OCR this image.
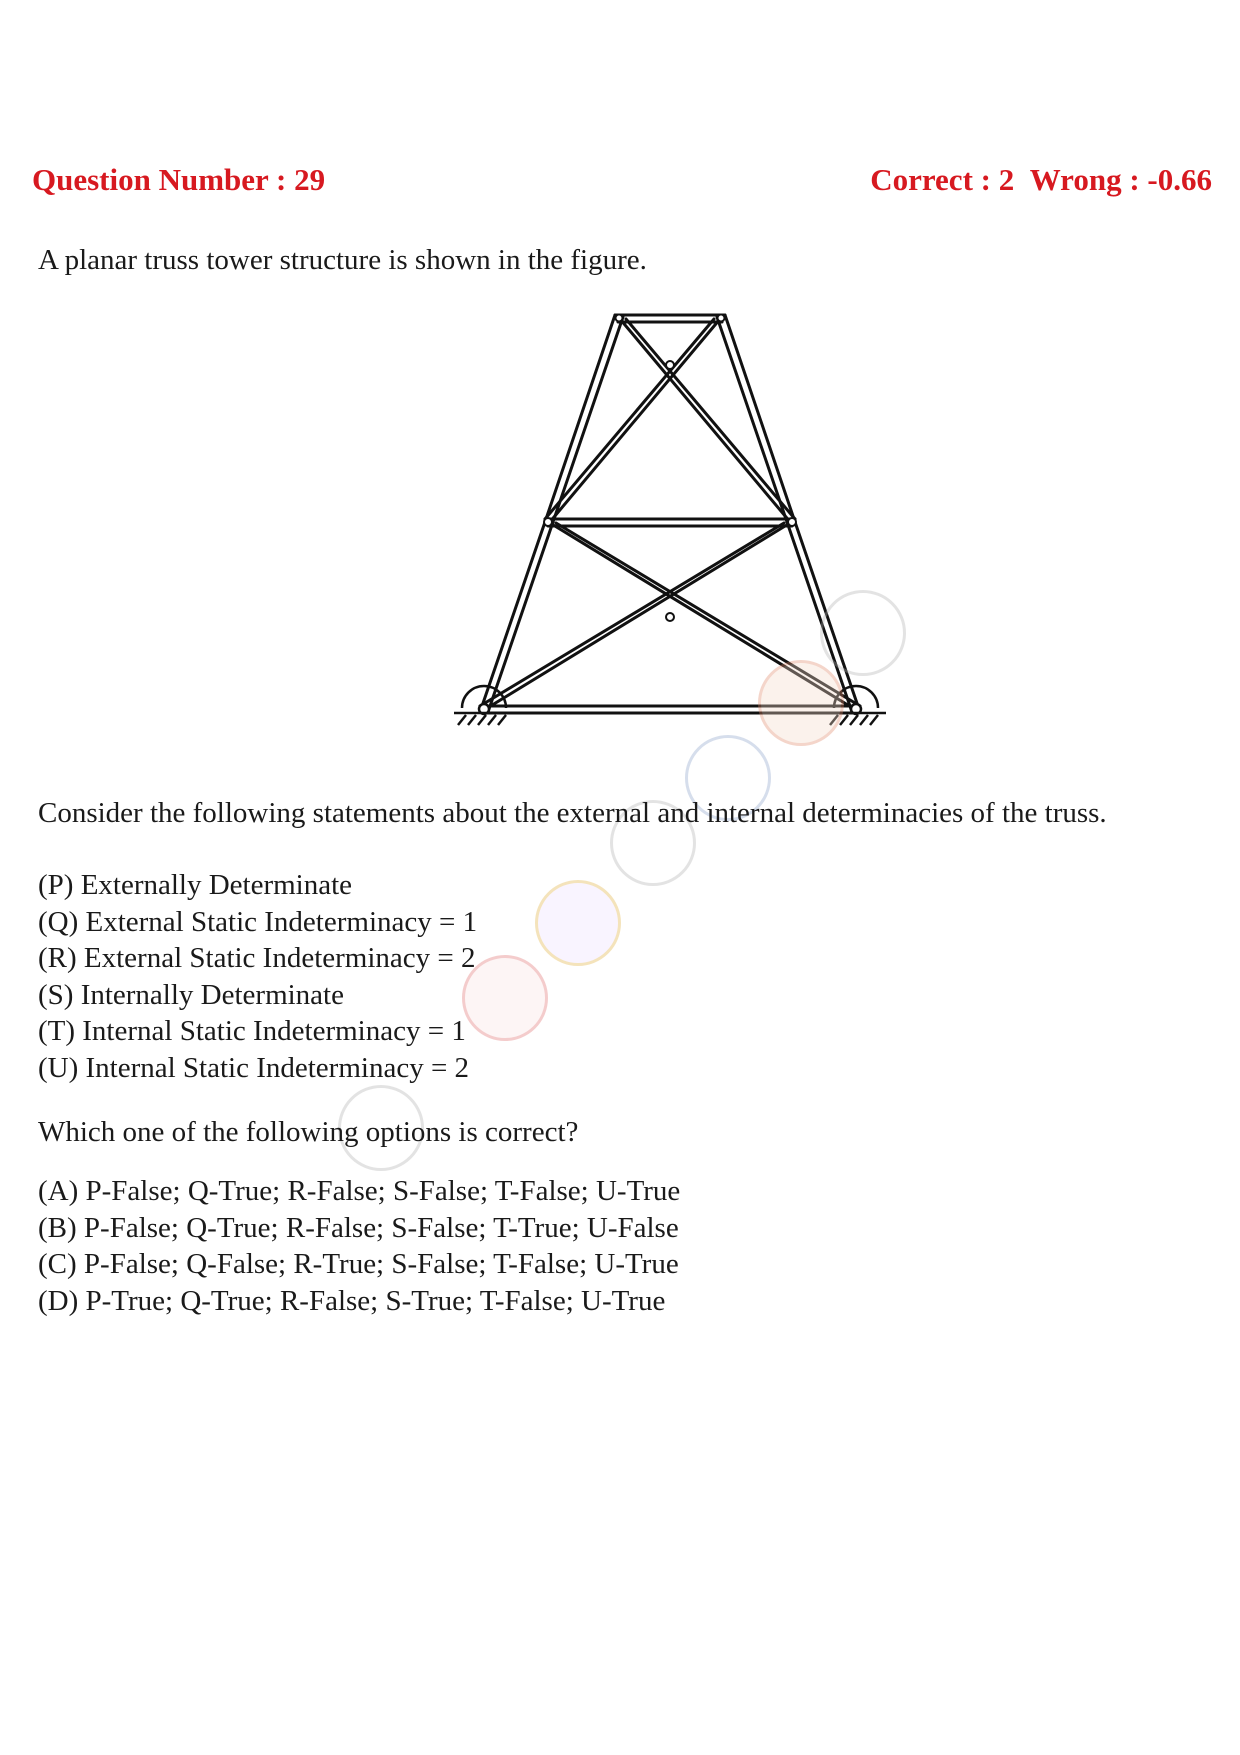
Question Number : 29	Correct : 2 Wrong : -0.66
A planar truss tower structure is shown in the figure.
Consider the following statements about the external and internal determinacies of the truss.
(P) Externally Determinate
(Q) External Static Indeterminacy = 1
(R) External Static Indeterminacy = 2
(S) Internally Determinate
(T) Internal Static Indeterminacy = 1
(U) Internal Static Indeterminacy = 2
Which one of the following options is correct?
(A) P-False; Q-True; R-False; S-False; T-False; U-True
(B) P-False; Q-True; R-False; S-False; T-True; U-False
(C) P-False; Q-False; R-True; S-False; T-False; U-True
(D) P-True; Q-True; R-False; S-True; T-False; U-True
